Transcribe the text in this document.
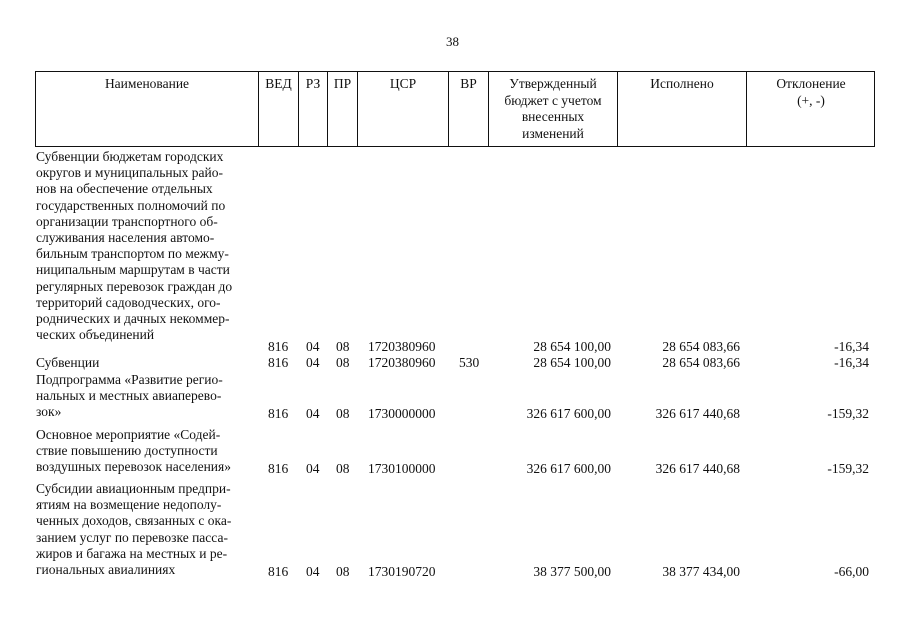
38
Наименование	ВЕД	РЗ	ПР	ЦСР	ВР	Утвержденный
бюджет с учетом
внесенных
изменений
Исполнено	Отклонение
(+, -)
Субвенции бюджетам городских
округов и муниципальных райо-
нов на обеспечение отдельных
государственных полномочий по
организации транспортного об-
служивания населения автомо-
бильным транспортом по межму-
ниципальным маршрутам в части
регулярных перевозок граждан до
территорий садоводческих, ого-
роднических и дачных некоммер-
ческих объединений
816 04 08 1720380960	28 654 100,00	28 654 083,66	-16,34
Субвенции	816 04 08 1720380960 530	28 654 100,00	28 654 083,66	-16,34
Подпрограмма «Развитие регио-
нальных и местных авиаперево-
зок»	816 04 08 1730000000	326 617 600,00	326 617 440,68	-159,32
Основное мероприятие «Содей-
ствие повышению доступности
воздушных перевозок населения»	816 04 08 1730100000	326 617 600,00	326 617 440,68	-159,32
Субсидии авиационным предпри-
ятиям на возмещение недополу-
ченных доходов, связанных с ока-
занием услуг по перевозке пасса-
жиров и багажа на местных и ре-
гиональных авиалиниях	816 04 08 1730190720	38 377 500,00	38 377 434,00	-66,00
